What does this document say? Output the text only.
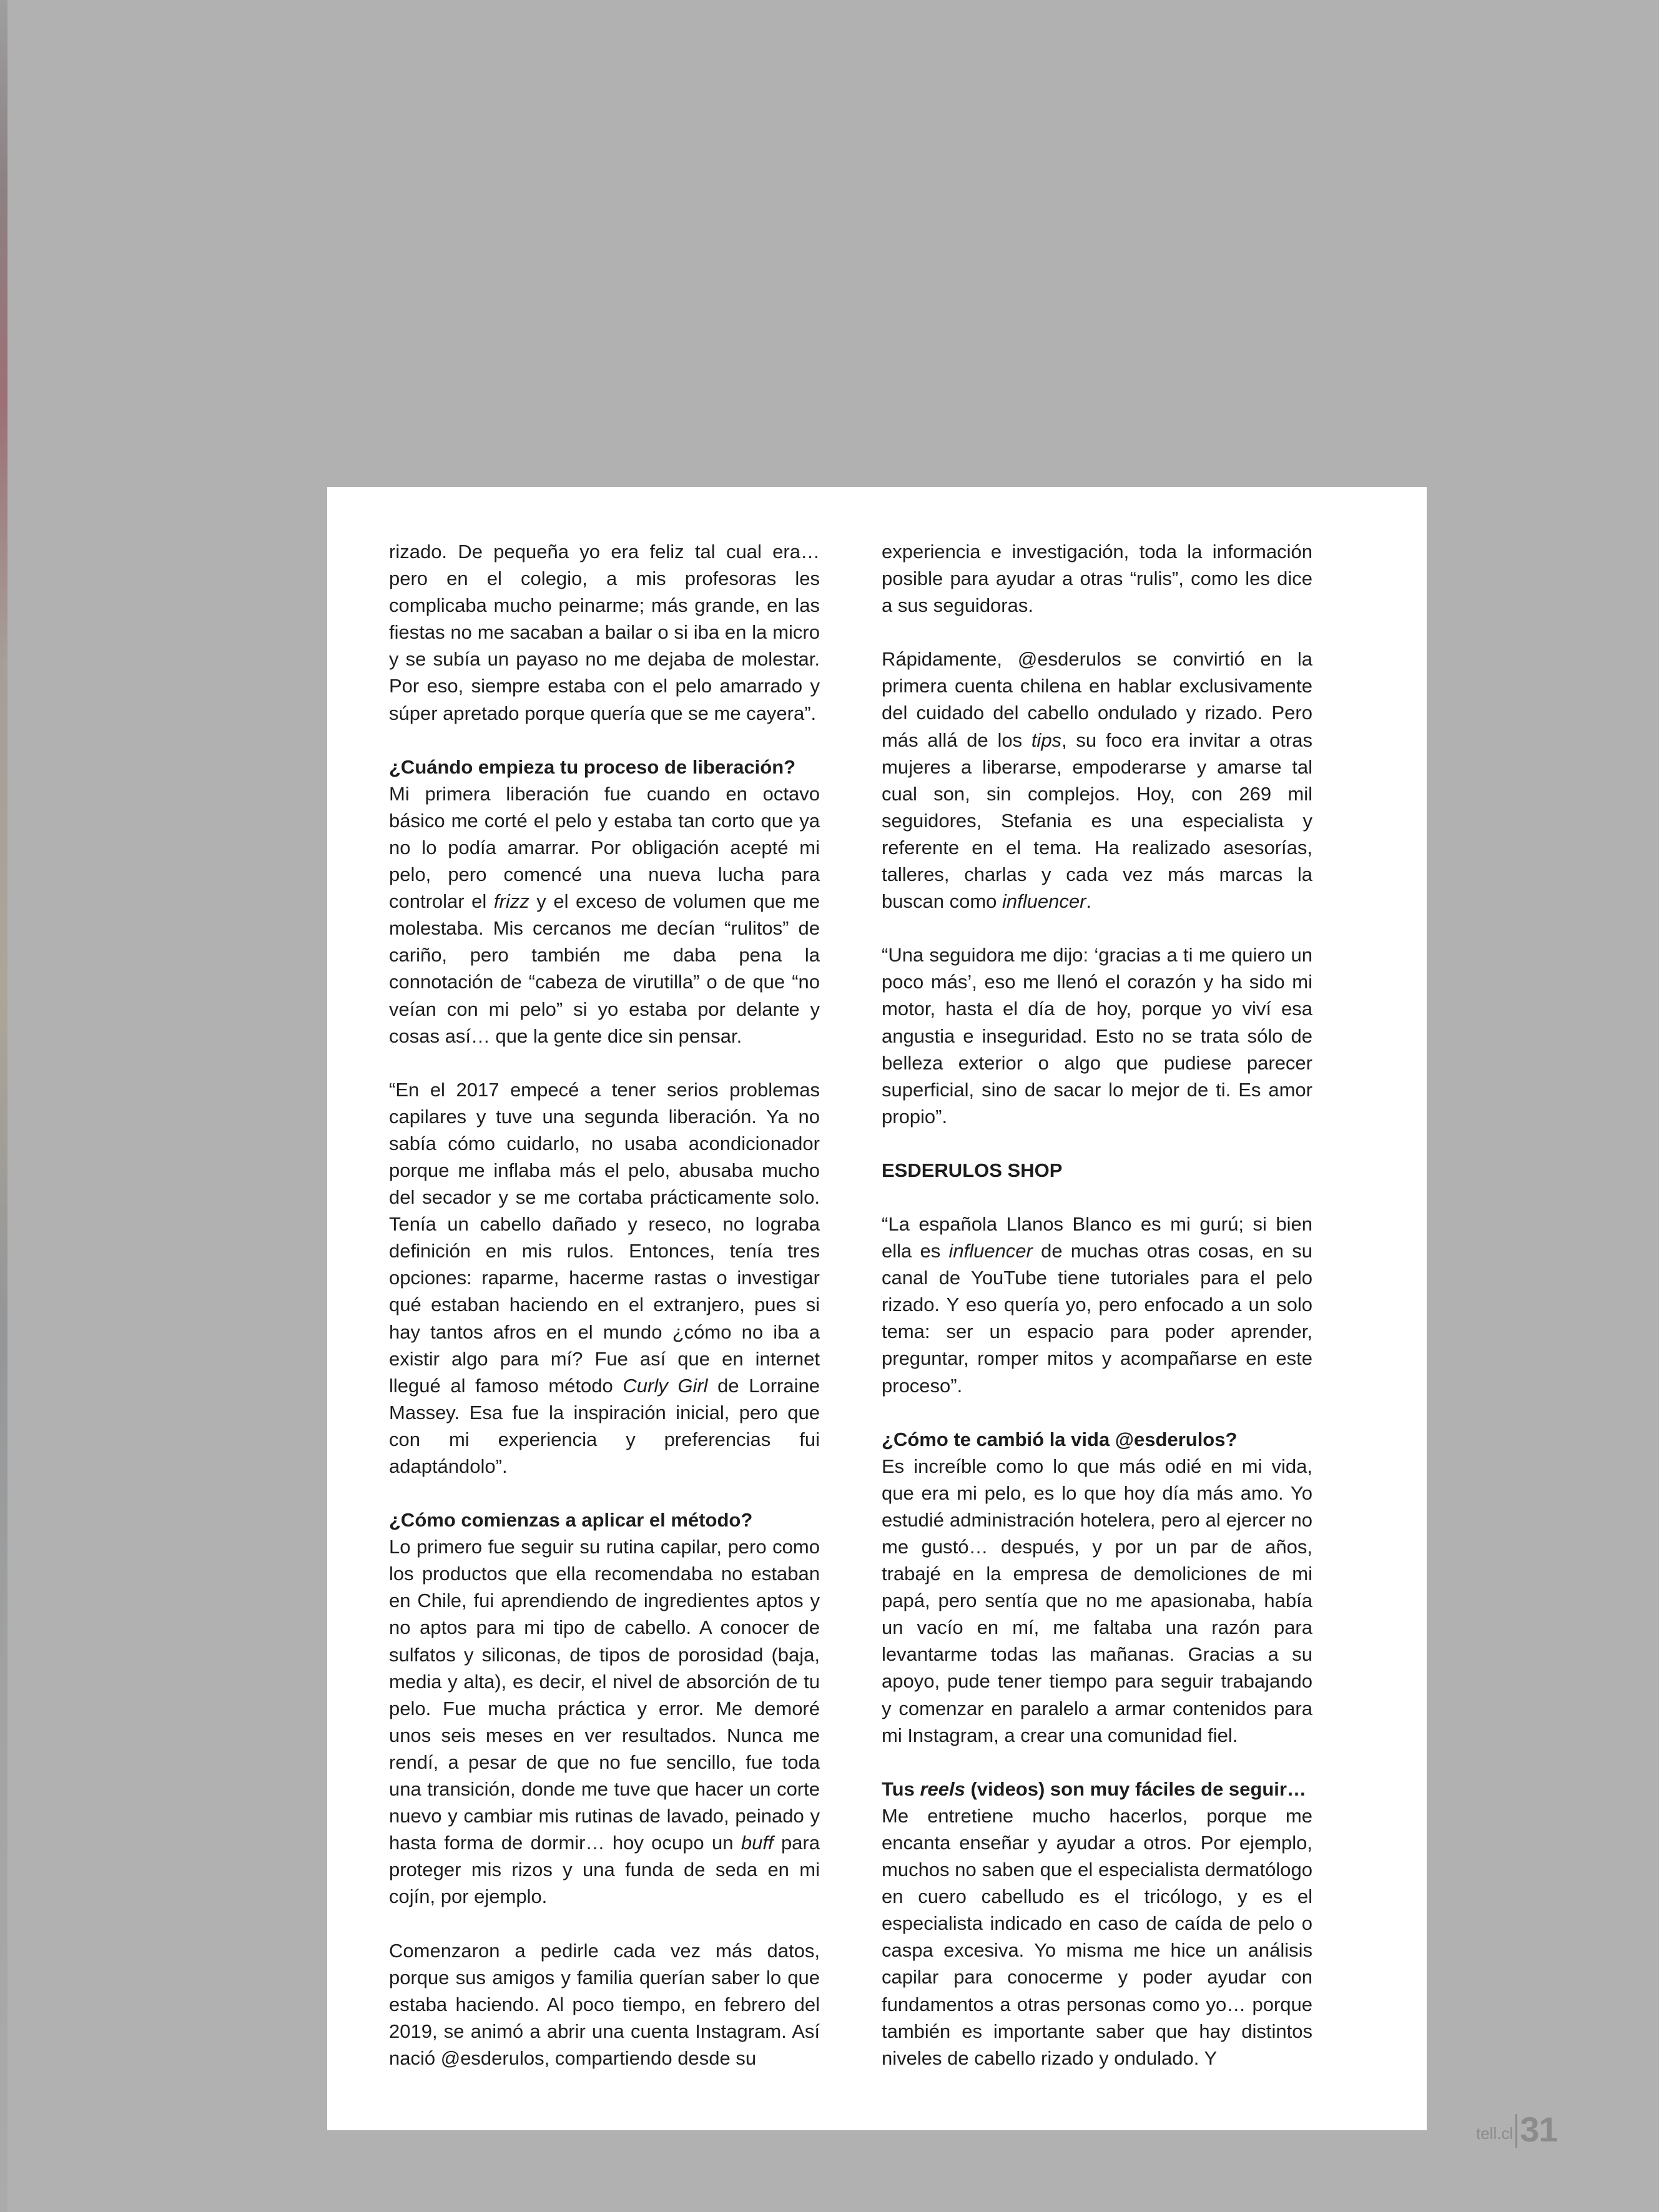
rizado. De pequeña yo era feliz tal cual era… pero en el colegio, a mis profesoras les complicaba mucho peinarme; más grande, en las fiestas no me sacaban a bailar o si iba en la micro y se subía un payaso no me dejaba de molestar. Por eso, siempre estaba con el pelo amarrado y súper apretado porque quería que se me cayera”.

¿Cuándo empieza tu proceso de liberación?
Mi primera liberación fue cuando en octavo básico me corté el pelo y estaba tan corto que ya no lo podía amarrar. Por obligación acepté mi pelo, pero comencé una nueva lucha para controlar el frizz y el exceso de volumen que me molestaba. Mis cercanos me decían “rulitos” de cariño, pero también me daba pena la connotación de “cabeza de virutilla” o de que “no veían con mi pelo” si yo estaba por delante y cosas así… que la gente dice sin pensar.

“En el 2017 empecé a tener serios problemas capilares y tuve una segunda liberación. Ya no sabía cómo cuidarlo, no usaba acondicionador porque me inflaba más el pelo, abusaba mucho del secador y se me cortaba prácticamente solo. Tenía un cabello dañado y reseco, no lograba definición en mis rulos. Entonces, tenía tres opciones: raparme, hacerme rastas o investigar qué estaban haciendo en el extranjero, pues si hay tantos afros en el mundo ¿cómo no iba a existir algo para mí? Fue así que en internet llegué al famoso método Curly Girl de Lorraine Massey. Esa fue la inspiración inicial, pero que con mi experiencia y preferencias fui adaptándolo”.

¿Cómo comienzas a aplicar el método?
Lo primero fue seguir su rutina capilar, pero como los productos que ella recomendaba no estaban en Chile, fui aprendiendo de ingredientes aptos y no aptos para mi tipo de cabello. A conocer de sulfatos y siliconas, de tipos de porosidad (baja, media y alta), es decir, el nivel de absorción de tu pelo. Fue mucha práctica y error. Me demoré unos seis meses en ver resultados. Nunca me rendí, a pesar de que no fue sencillo, fue toda una transición, donde me tuve que hacer un corte nuevo y cambiar mis rutinas de lavado, peinado y hasta forma de dormir… hoy ocupo un buff para proteger mis rizos y una funda de seda en mi cojín, por ejemplo.

Comenzaron a pedirle cada vez más datos, porque sus amigos y familia querían saber lo que estaba haciendo. Al poco tiempo, en febrero del 2019, se animó a abrir una cuenta Instagram. Así nació @esderulos, compartiendo desde su

experiencia e investigación, toda la información posible para ayudar a otras “rulis”, como les dice a sus seguidoras.

Rápidamente, @esderulos se convirtió en la primera cuenta chilena en hablar exclusivamente del cuidado del cabello ondulado y rizado. Pero más allá de los tips, su foco era invitar a otras mujeres a liberarse, empoderarse y amarse tal cual son, sin complejos. Hoy, con 269 mil seguidores, Stefania es una especialista y referente en el tema. Ha realizado asesorías, talleres, charlas y cada vez más marcas la buscan como influencer.

“Una seguidora me dijo: ‘gracias a ti me quiero un poco más’, eso me llenó el corazón y ha sido mi motor, hasta el día de hoy, porque yo viví esa angustia e inseguridad. Esto no se trata sólo de belleza exterior o algo que pudiese parecer superficial, sino de sacar lo mejor de ti. Es amor propio”.

ESDERULOS SHOP

“La española Llanos Blanco es mi gurú; si bien ella es influencer de muchas otras cosas, en su canal de YouTube tiene tutoriales para el pelo rizado. Y eso quería yo, pero enfocado a un solo tema: ser un espacio para poder aprender, preguntar, romper mitos y acompañarse en este proceso”.

¿Cómo te cambió la vida @esderulos?
Es increíble como lo que más odié en mi vida, que era mi pelo, es lo que hoy día más amo. Yo estudié administración hotelera, pero al ejercer no me gustó… después, y por un par de años, trabajé en la empresa de demoliciones de mi papá, pero sentía que no me apasionaba, había un vacío en mí, me faltaba una razón para levantarme todas las mañanas. Gracias a su apoyo, pude tener tiempo para seguir trabajando y comenzar en paralelo a armar contenidos para mi Instagram, a crear una comunidad fiel.

Tus reels (videos) son muy fáciles de seguir…
Me entretiene mucho hacerlos, porque me encanta enseñar y ayudar a otros. Por ejemplo, muchos no saben que el especialista dermatólogo en cuero cabelludo es el tricólogo, y es el especialista indicado en caso de caída de pelo o caspa excesiva. Yo misma me hice un análisis capilar para conocerme y poder ayudar con fundamentos a otras personas como yo… porque también es importante saber que hay distintos niveles de cabello rizado y ondulado. Y

tell.cl 31
